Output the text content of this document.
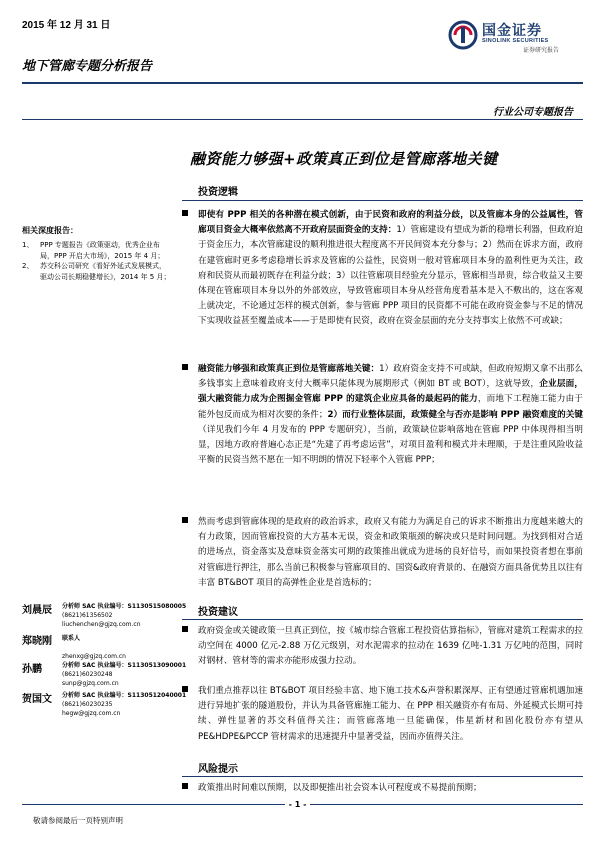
2015 年 12 月 31 日
地下管廊专题分析报告
国金证券
SINOLINK SECURITIES
证券研究报告
行业公司专题报告
融资能力够强+政策真正到位是管廊落地关键
相关深度报告：
1、 PPP 专题报告《政策驱动，优秀企业布局，PPP 开启大市场》，2015 年 4 月；
2、 苏交科公司研究《看好外延式发展模式，驱动公司长期稳健增长》，2014 年 5 月；
刘晨辰 分析师 SAC 执业编号：S1130515080005
(8621)61356502
liuchenchen@gjzq.com.cn
郑晓刚 联系人
zhenxg@gjzq.com.cn
孙鹏	分析师 SAC 执业编号：S1130513090001
(8621)60230248
sunp@gjzq.com.cn
贺国文 分析师 SAC 执业编号：S1130512040001
(8621)60230235
hegw@gjzq.com.cn
投资逻辑
即使有 PPP 相关的各种潜在模式创新，由于民资和政府的利益分歧，以及管廊本身的公益属性，管廊项目资金大概率依然离不开政府层面资金的支持：1）管廊建设有望成为新的稳增长利器，但政府迫于资金压力，本次管廊建设的顺利推进很大程度离不开民间资本充分参与；2）然而在诉求方面，政府在建管廊时更多考虑稳增长诉求及管廊的公益性，民资则一般对管廊项目本身的盈利性更为关注，政府和民资从而最初既存在利益分歧；3）以往管廊项目经验充分显示，管廊相当昂贵，综合收益又主要体现在管廊项目本身以外的外部效应，导致管廊项目本身从经营角度看基本是入不敷出的，这在客观上就决定，不论通过怎样的模式创新，参与管廊 PPP 项目的民资都不可能在政府资金参与不足的情况下实现收益甚至覆盖成本——于是即使有民资，政府在资金层面的充分支持事实上依然不可或缺；
融资能力够强和政策真正到位是管廊落地关键：1）政府资金支持不可或缺，但政府短期又拿不出那么多钱事实上意味着政府支付大概率只能体现为展期形式（例如 BT 或 BOT），这就导致，企业层面，强大融资能力成为企图掘金管廊 PPP 的建筑企业应具备的最起码的能力，而地下工程施工能力由于能外包反而成为相对次要的条件；2）而行业整体层面，政策健全与否亦是影响 PPP 融资难度的关键（详见我们今年 4 月发布的 PPP 专题研究），当前，政策缺位影响落地在管廊 PPP 中体现得相当明显，因地方政府普遍心态正是“先建了再考虑运营”，对项目盈利和模式并未理顺，于是注重风险收益平衡的民资当然不愿在一知不明朗的情况下轻率个入管廊 PPP；
然而考虑到管廊体现的是政府的政治诉求，政府又有能力为满足自己的诉求不断推出力度越来越大的有力政策，因而管廊投资的大方基本无误，资金和政策瓶颈的解决或只是时间问题。为找到相对合适的进场点，资金落实及意味资金落实可期的政策推出就成为进场的良好信号，而如果投资者想在事前对管廊进行押注，那么当前已积极参与管廊项目的、国资&政府背景的、在融资方面具备优势且以往有丰富 BT&BOT 项目的高弹性企业是首选标的；
投资建议
政府资金或关键政策一旦真正到位，按《城市综合管廊工程投资估算指标》，管廊对建筑工程需求的拉动空间在 4000 亿元-2.88 万亿元级别，对水泥需求的拉动在 1639 亿吨-1.31 万亿吨的范围，同时对钢材、管材等的需求亦能形成强力拉动。
我们重点推荐以往 BT&BOT 项目经验丰富、地下施工技术&声誉积累深厚、正有望通过管廊机遇加速进行异地扩张的隧道股份，并认为具备管廊施工能力、在 PPP 相关融资亦有布局、外延模式长期可持续、弹性显著的苏交科值得关注；而管廊落地一旦能确保，伟星新材和固化股份亦有望从 PE&HDPE&PCCP 管材需求的迅速提升中显著受益，因而亦值得关注。
风险提示
政策推出时间难以预期，以及即便推出社会资本认可程度或不易提前预期；
- 1 -
敬请参阅最后一页特别声明
